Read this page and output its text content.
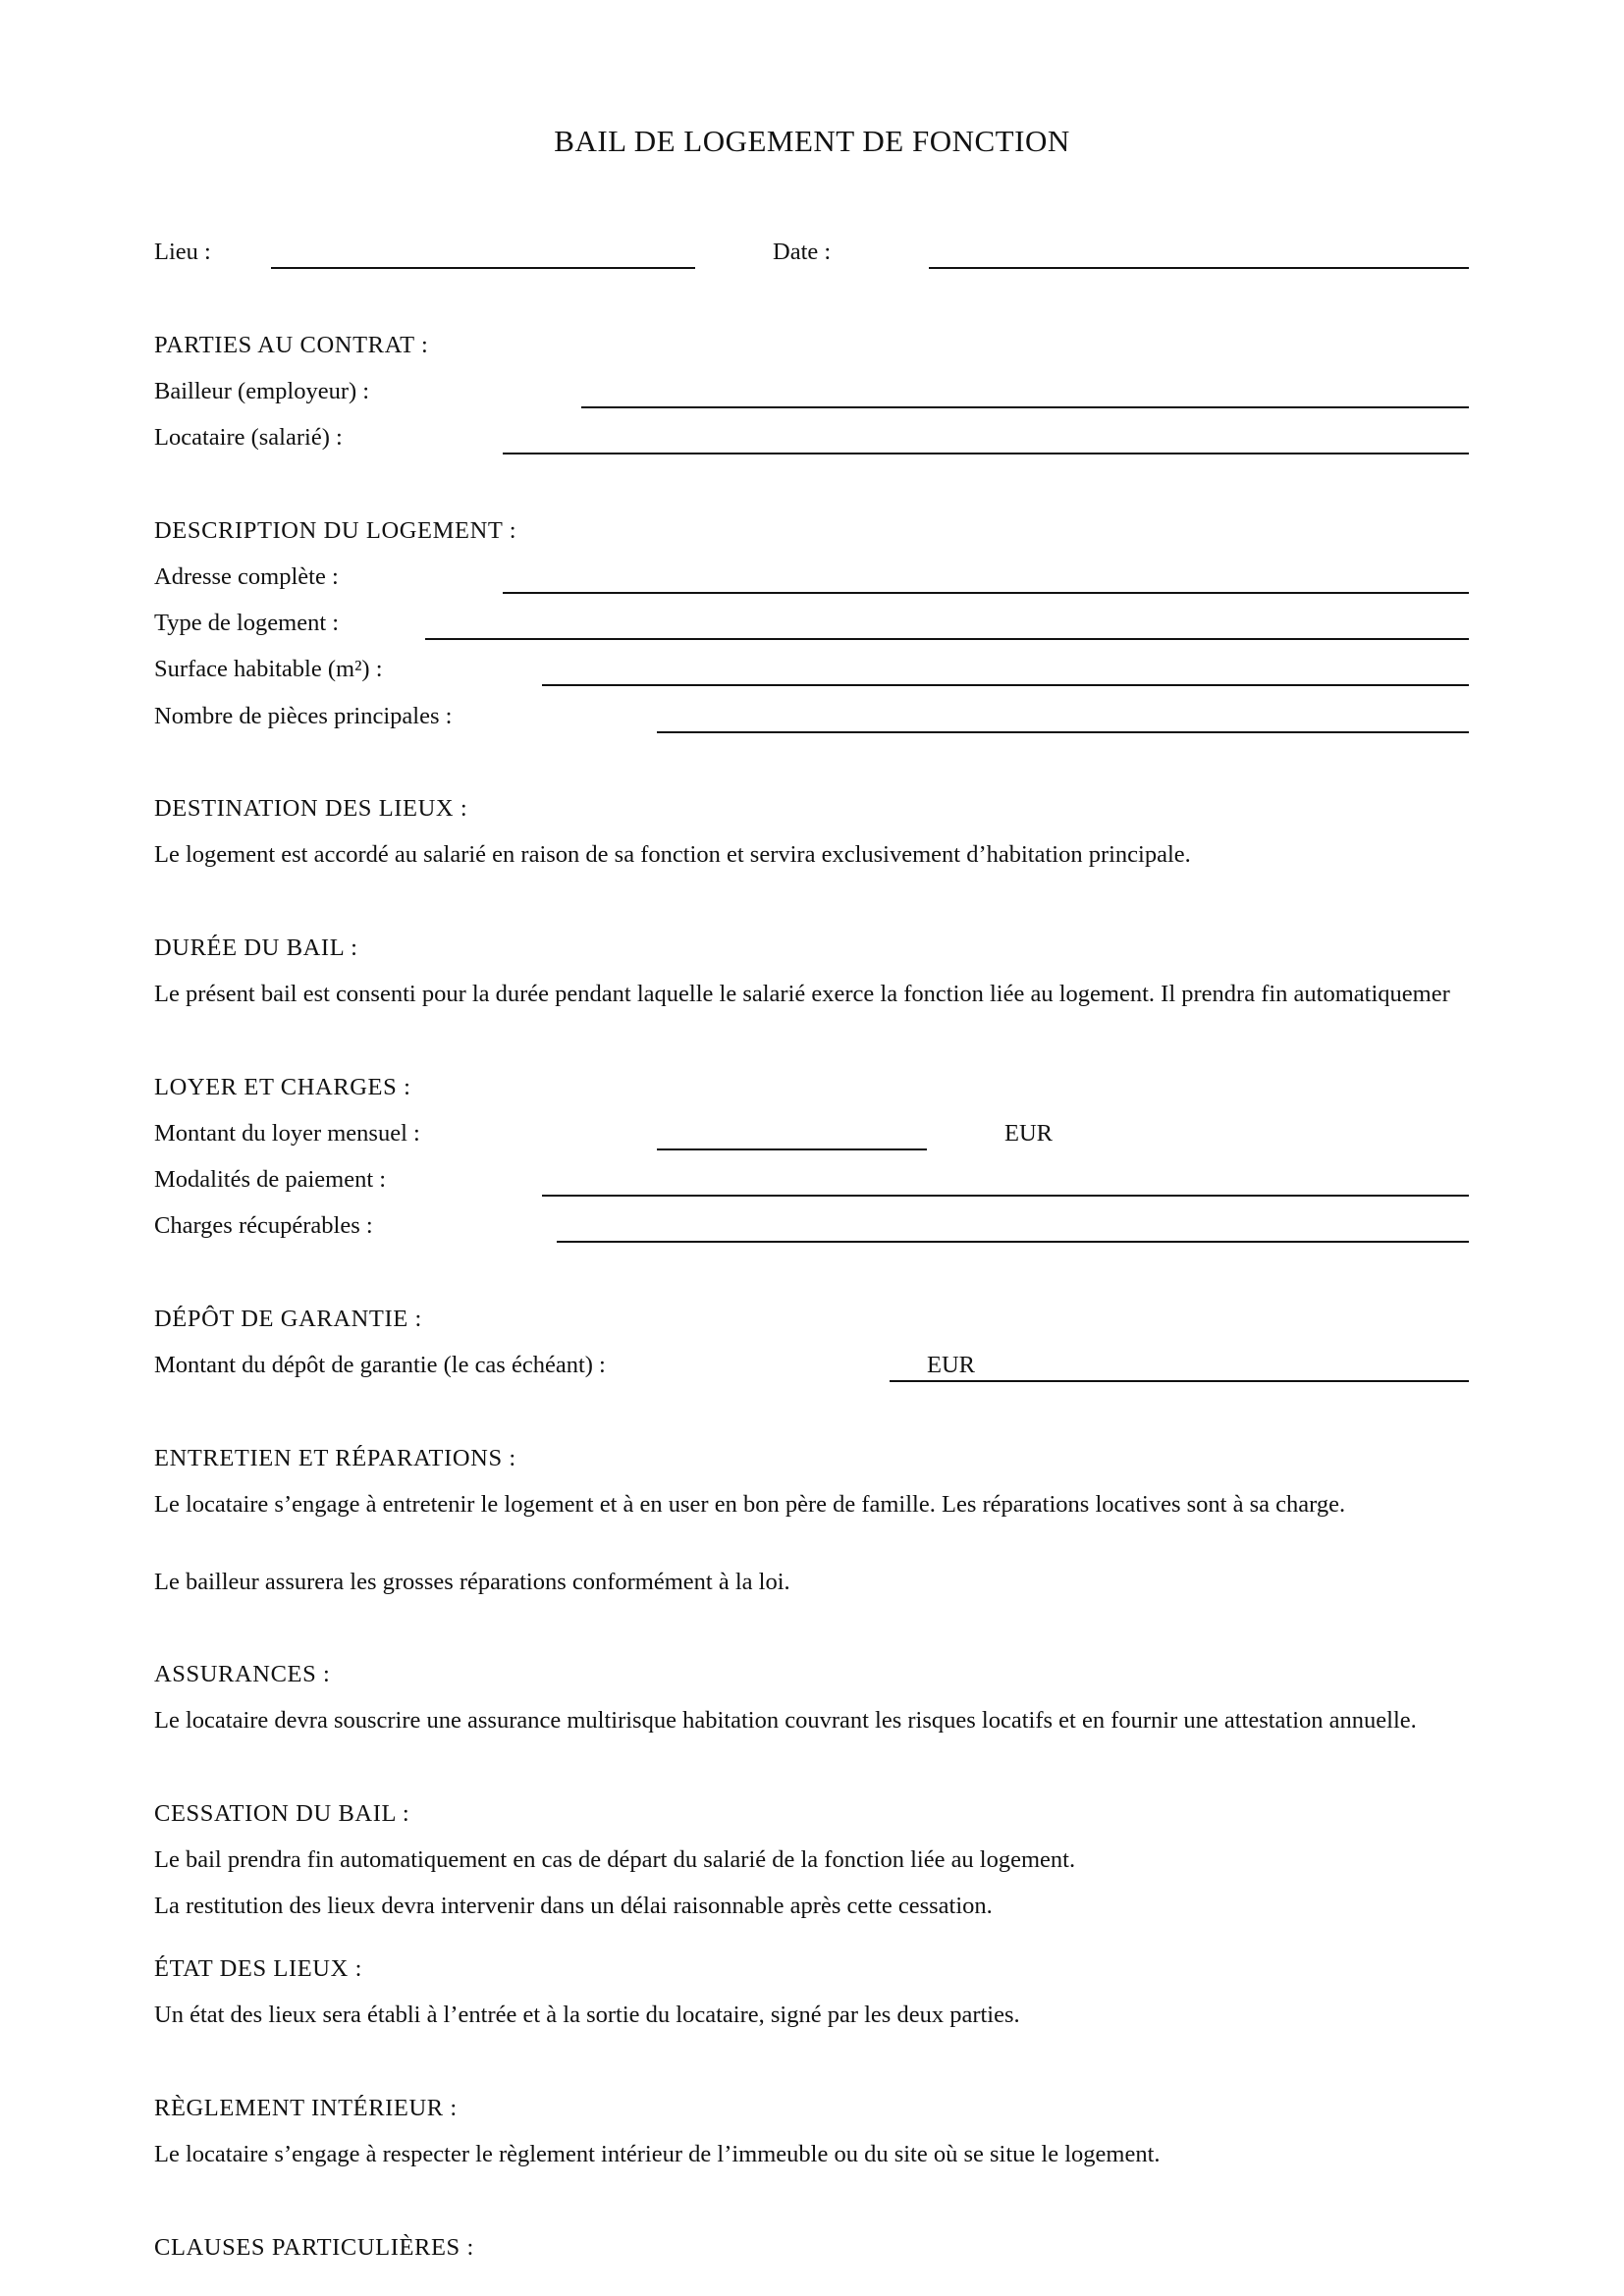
BAIL DE LOGEMENT DE FONCTION
Lieu :	Date :
PARTIES AU CONTRAT :
Bailleur (employeur) :
Locataire (salarié) :
DESCRIPTION DU LOGEMENT :
Adresse complète :
Type de logement :
Surface habitable (m²) :
Nombre de pièces principales :
DESTINATION DES LIEUX :
Le logement est accordé au salarié en raison de sa fonction et servira exclusivement d’habitation principale.
DURÉE DU BAIL :
Le présent bail est consenti pour la durée pendant laquelle le salarié exerce la fonction liée au logement. Il prendra fin automatiquemer
LOYER ET CHARGES :
Montant du loyer mensuel :	EUR
Modalités de paiement :
Charges récupérables :
DÉPÔT DE GARANTIE :
Montant du dépôt de garantie (le cas échéant) :	EUR
ENTRETIEN ET RÉPARATIONS :
Le locataire s’engage à entretenir le logement et à en user en bon père de famille. Les réparations locatives sont à sa charge.
Le bailleur assurera les grosses réparations conformément à la loi.
ASSURANCES :
Le locataire devra souscrire une assurance multirisque habitation couvrant les risques locatifs et en fournir une attestation annuelle.
CESSATION DU BAIL :
Le bail prendra fin automatiquement en cas de départ du salarié de la fonction liée au logement.
La restitution des lieux devra intervenir dans un délai raisonnable après cette cessation.
ÉTAT DES LIEUX :
Un état des lieux sera établi à l’entrée et à la sortie du locataire, signé par les deux parties.
RÈGLEMENT INTÉRIEUR :
Le locataire s’engage à respecter le règlement intérieur de l’immeuble ou du site où se situe le logement.
CLAUSES PARTICULIÈRES :
